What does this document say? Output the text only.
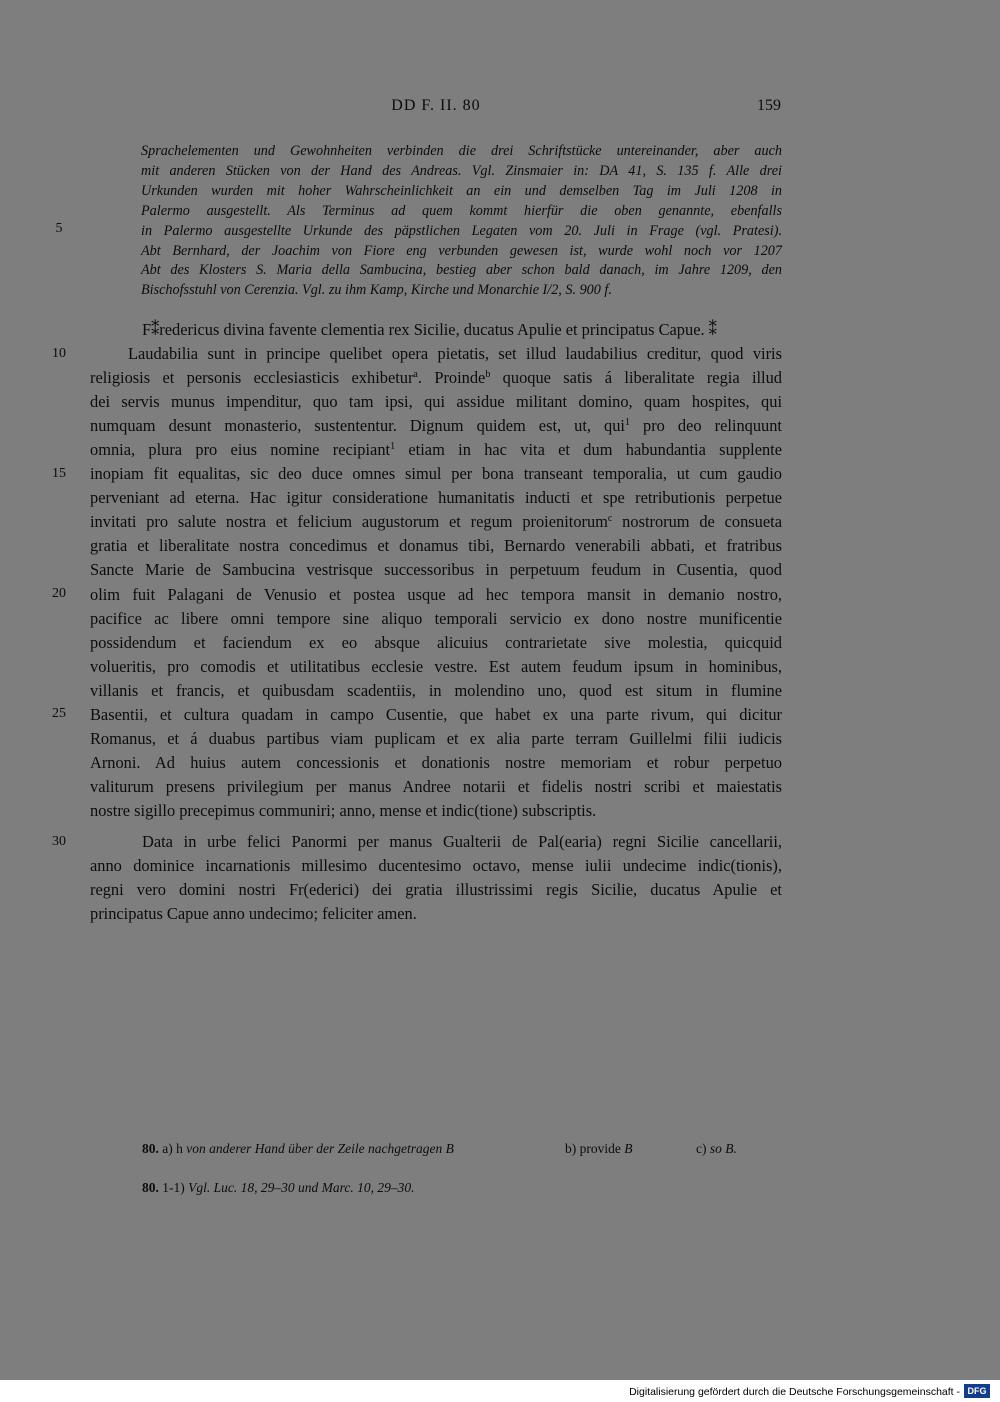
DD F. II. 80	159
Sprachelementen und Gewohnheiten verbinden die drei Schriftstücke untereinander, aber auch
mit anderen Stücken von der Hand des Andreas. Vgl. Zinsmaier in: DA 41, S. 135 f. Alle drei
Urkunden wurden mit hoher Wahrscheinlichkeit an ein und demselben Tag im Juli 1208 in
Palermo ausgestellt. Als Terminus ad quem kommt hierfür die oben genannte, ebenfalls
in Palermo ausgestellte Urkunde des päpstlichen Legaten vom 20. Juli in Frage (vgl. Pratesi).
Abt Bernhard, der Joachim von Fiore eng verbunden gewesen ist, wurde wohl noch vor 1207
Abt des Klosters S. Maria della Sambucina, bestieg aber schon bald danach, im Jahre 1209, den
Bischofsstuhl von Cerenzia. Vgl. zu ihm Kamp, Kirche und Monarchie I/2, S. 900 f.
5
10
15
20
25
30
F⁑redericus divina favente clementia rex Sicilie, ducatus Apulie et principatus Capue. ⁑
Laudabilia sunt in principe quelibet opera pietatis, set illud laudabilius creditur, quod viris
religiosis et personis ecclesiasticis exhibetur$^a$. Proinde$^b$ quoque satis á liberalitate regia illud
dei servis munus impenditur, quo tam ipsi, qui assidue militant domino, quam hospites, qui
numquam desunt monasterio, sustententur. Dignum quidem est, ut, qui$^1$ pro deo relinquunt
omnia, plura pro eius nomine recipiant$^1$ etiam in hac vita et dum habundantia supplente
inopiam fit equalitas, sic deo duce omnes simul per bona transeant temporalia, ut cum gaudio
perveniant ad eterna. Hac igitur consideratione humanitatis inducti et spe retributionis perpetue
invitati pro salute nostra et felicium augustorum et regum proienitorum$^c$ nostrorum de consueta
gratia et liberalitate nostra concedimus et donamus tibi, Bernardo venerabili abbati, et fratribus
Sancte Marie de Sambucina vestrisque successoribus in perpetuum feudum in Cusentia, quod
olim fuit Palagani de Venusio et postea usque ad hec tempora mansit in demanio nostro,
pacifice ac libere omni tempore sine aliquo temporali servicio ex dono nostre munificentie
possidendum et faciendum ex eo absque alicuius contrarietate sive molestia, quicquid
volueritis, pro comodis et utilitatibus ecclesie vestre. Est autem feudum ipsum in hominibus,
villanis et francis, et quibusdam scadentiis, in molendino uno, quod est situm in flumine
Basentii, et cultura quadam in campo Cusentie, que habet ex una parte rivum, qui dicitur
Romanus, et á duabus partibus viam puplicam et ex alia parte terram Guillelmi filii iudicis
Arnoni. Ad huius autem concessionis et donationis nostre memoriam et robur perpetuo
valiturum presens privilegium per manus Andree notarii et fidelis nostri scribi et maiestatis
nostre sigillo precepimus communiri; anno, mense et indic(tione) subscriptis.
Data in urbe felici Panormi per manus Gualterii de Pal(earia) regni Sicilie cancellarii,
anno dominice incarnationis millesimo ducentesimo octavo, mense iulii undecime indic(tionis),
regni vero domini nostri Fr(ederici) dei gratia illustrissimi regis Sicilie, ducatus Apulie et
principatus Capue anno undecimo; feliciter amen.
80. a) h von anderer Hand über der Zeile nachgetragen B	b) provide B	c) so B.
80. 1-1) Vgl. Luc. 18, 29–30 und Marc. 10, 29–30.
Digitalisierung gefördert durch die Deutsche Forschungsgemeinschaft - DFG
